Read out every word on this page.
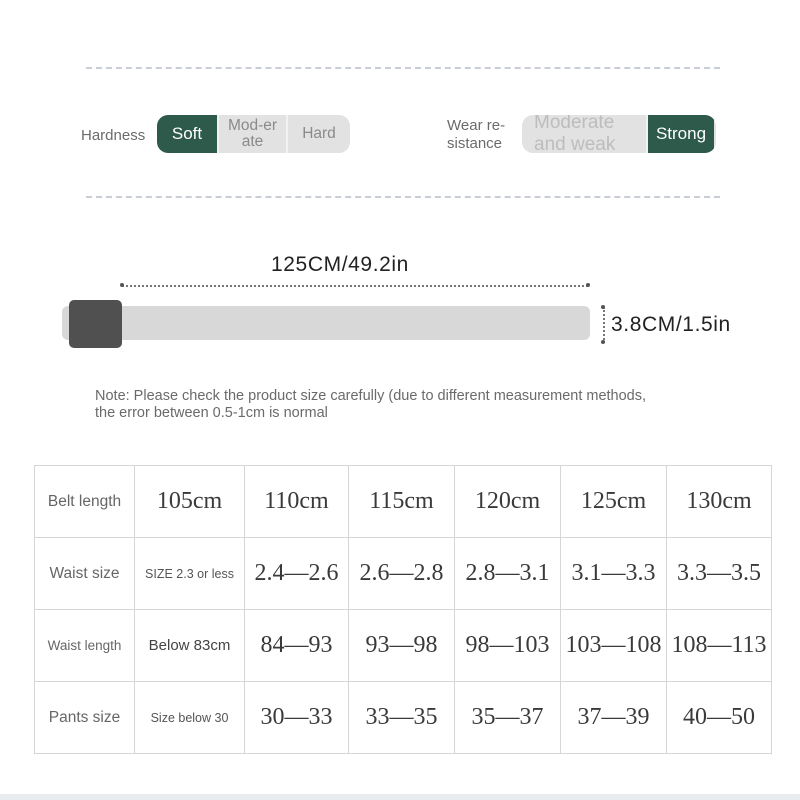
Hardness	Soft	Mod-erate	Hard	Wear re-sistance
Moderate and weak
Strong
125CM/49.2in
3.8CM/1.5in
Note: Please check the product size carefully (due to different measurement methods,
the error between 0.5-1cm is normal
Belt length	105cm	110cm	115cm	120cm	125cm	130cm
Waist size	SIZE 2.3 or less	2.4—2.6	2.6—2.8	2.8—3.1	3.1—3.3	3.3—3.5
Waist length	Below 83cm	84—93	93—98	98—103	103—108	108—113
Pants size	Size below 30	30—33	33—35	35—37	37—39	40—50
